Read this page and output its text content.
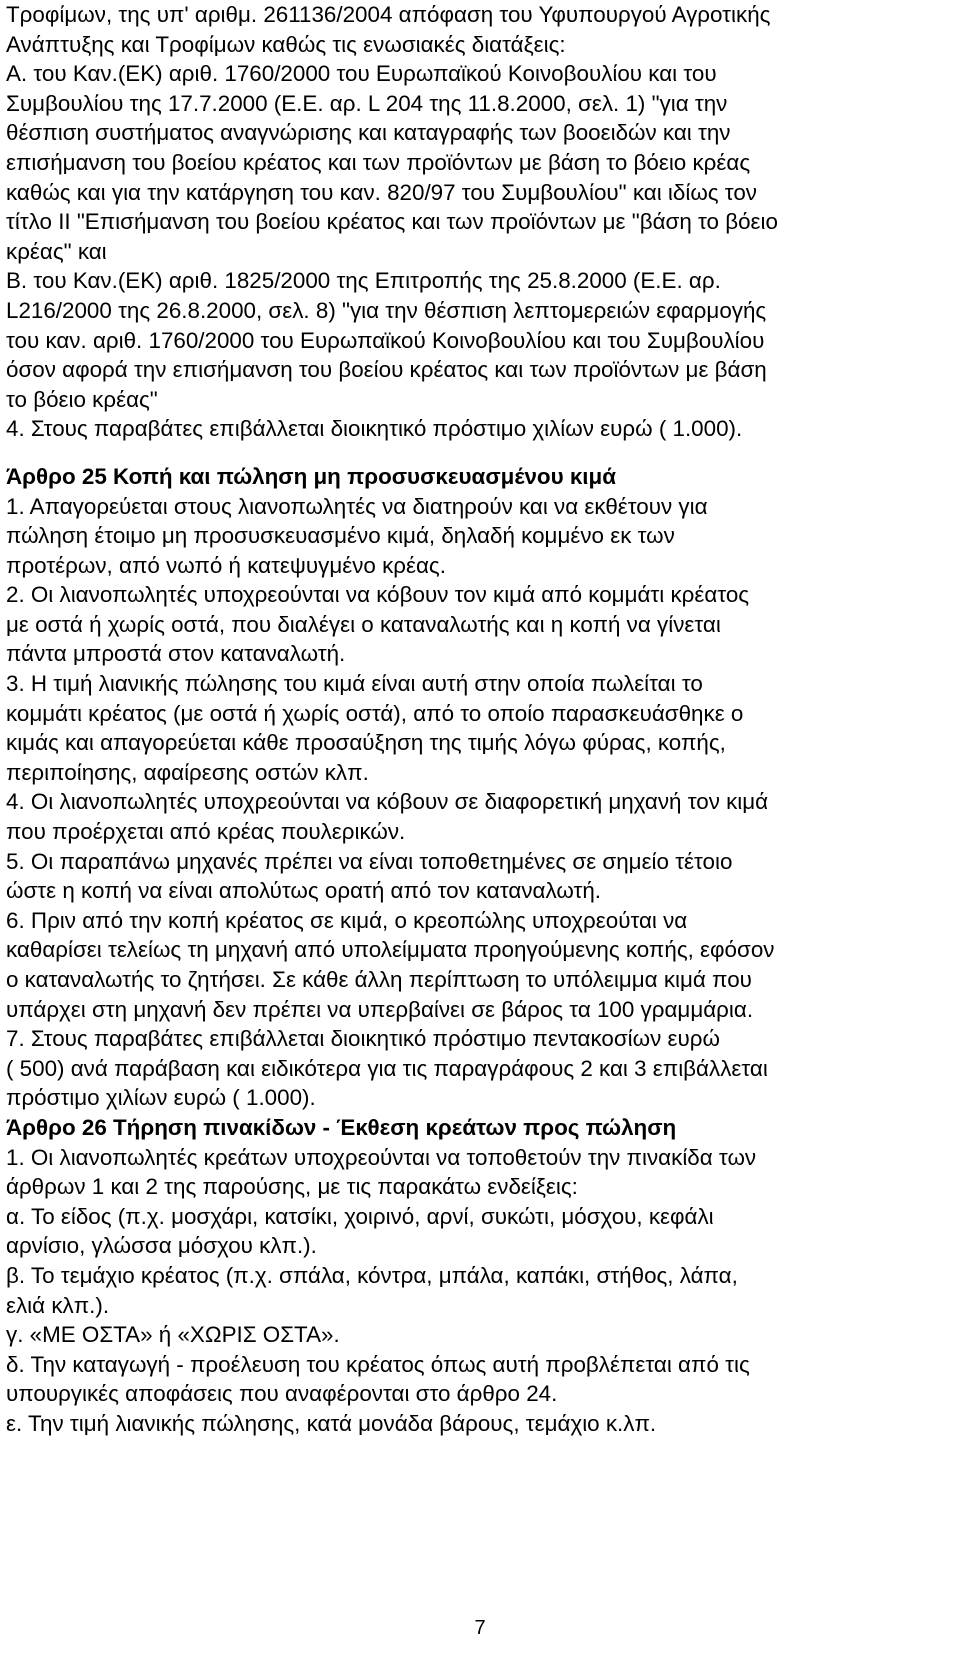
Τροφίμων, της υπ' αριθμ. 261136/2004 απόφαση του Υφυπουργού Αγροτικής
Ανάπτυξης και Τροφίμων καθώς τις ενωσιακές διατάξεις:
Α. του Καν.(ΕΚ) αριθ. 1760/2000 του Ευρωπαϊκού Κοινοβουλίου και του
Συμβουλίου της 17.7.2000 (Ε.Ε. αρ. L 204 της 11.8.2000, σελ. 1) "για την
θέσπιση συστήματος αναγνώρισης και καταγραφής των βοοειδών και την
επισήμανση του βοείου κρέατος και των προϊόντων με βάση το βόειο κρέας
καθώς και για την κατάργηση του καν. 820/97 του Συμβουλίου" και ιδίως τον
τίτλο ΙΙ "Επισήμανση του βοείου κρέατος και των προϊόντων με "βάση το βόειο
κρέας" και
Β. του Καν.(ΕΚ) αριθ. 1825/2000 της Επιτροπής της 25.8.2000 (Ε.Ε. αρ.
L216/2000 της 26.8.2000, σελ. 8) "για την θέσπιση λεπτομερειών εφαρμογής
του καν. αριθ. 1760/2000 του Ευρωπαϊκού Κοινοβουλίου και του Συμβουλίου
όσον αφορά την επισήμανση του βοείου κρέατος και των προϊόντων με βάση
το βόειο κρέας"
4. Στους παραβάτες επιβάλλεται διοικητικό πρόστιμο χιλίων ευρώ ( 1.000).
Άρθρο 25 Κοπή και πώληση μη προσυσκευασμένου κιμά
1. Απαγορεύεται στους λιανοπωλητές να διατηρούν και να εκθέτουν για
πώληση έτοιμο μη προσυσκευασμένο κιμά, δηλαδή κομμένο εκ των
προτέρων, από νωπό ή κατεψυγμένο κρέας.
2. Οι λιανοπωλητές υποχρεούνται να κόβουν τον κιμά από κομμάτι κρέατος
με οστά ή χωρίς οστά, που διαλέγει ο καταναλωτής και η κοπή να γίνεται
πάντα μπροστά στον καταναλωτή.
3. Η τιμή λιανικής πώλησης του κιμά είναι αυτή στην οποία πωλείται το
κομμάτι κρέατος (με οστά ή χωρίς οστά), από το οποίο παρασκευάσθηκε ο
κιμάς και απαγορεύεται κάθε προσαύξηση της τιμής λόγω φύρας, κοπής,
περιποίησης, αφαίρεσης οστών κλπ.
4. Οι λιανοπωλητές υποχρεούνται να κόβουν σε διαφορετική μηχανή τον κιμά
που προέρχεται από κρέας πουλερικών.
5. Οι παραπάνω μηχανές πρέπει να είναι τοποθετημένες σε σημείο τέτοιο
ώστε η κοπή να είναι απολύτως ορατή από τον καταναλωτή.
6. Πριν από την κοπή κρέατος σε κιμά, ο κρεοπώλης υποχρεούται να
καθαρίσει τελείως τη μηχανή από υπολείμματα προηγούμενης κοπής, εφόσον
ο καταναλωτής το ζητήσει. Σε κάθε άλλη περίπτωση το υπόλειμμα κιμά που
υπάρχει στη μηχανή δεν πρέπει να υπερβαίνει σε βάρος τα 100 γραμμάρια.
7. Στους παραβάτες επιβάλλεται διοικητικό πρόστιμο πεντακοσίων ευρώ
( 500) ανά παράβαση και ειδικότερα για τις παραγράφους 2 και 3 επιβάλλεται
πρόστιμο χιλίων ευρώ ( 1.000).
Άρθρο 26 Τήρηση πινακίδων - Έκθεση κρεάτων προς πώληση
1. Οι λιανοπωλητές κρεάτων υποχρεούνται να τοποθετούν την πινακίδα των
άρθρων 1 και 2 της παρούσης, με τις παρακάτω ενδείξεις:
α. Το είδος (π.χ. μοσχάρι, κατσίκι, χοιρινό, αρνί, συκώτι, μόσχου, κεφάλι
αρνίσιο, γλώσσα μόσχου κλπ.).
β. Το τεμάχιο κρέατος (π.χ. σπάλα, κόντρα, μπάλα, καπάκι, στήθος, λάπα,
ελιά κλπ.).
γ. «ΜΕ ΟΣΤΑ» ή «ΧΩΡΙΣ ΟΣΤΑ».
δ. Την καταγωγή - προέλευση του κρέατος όπως αυτή προβλέπεται από τις
υπουργικές αποφάσεις που αναφέρονται στο άρθρο 24.
ε. Την τιμή λιανικής πώλησης, κατά μονάδα βάρους, τεμάχιο κ.λπ.
7
